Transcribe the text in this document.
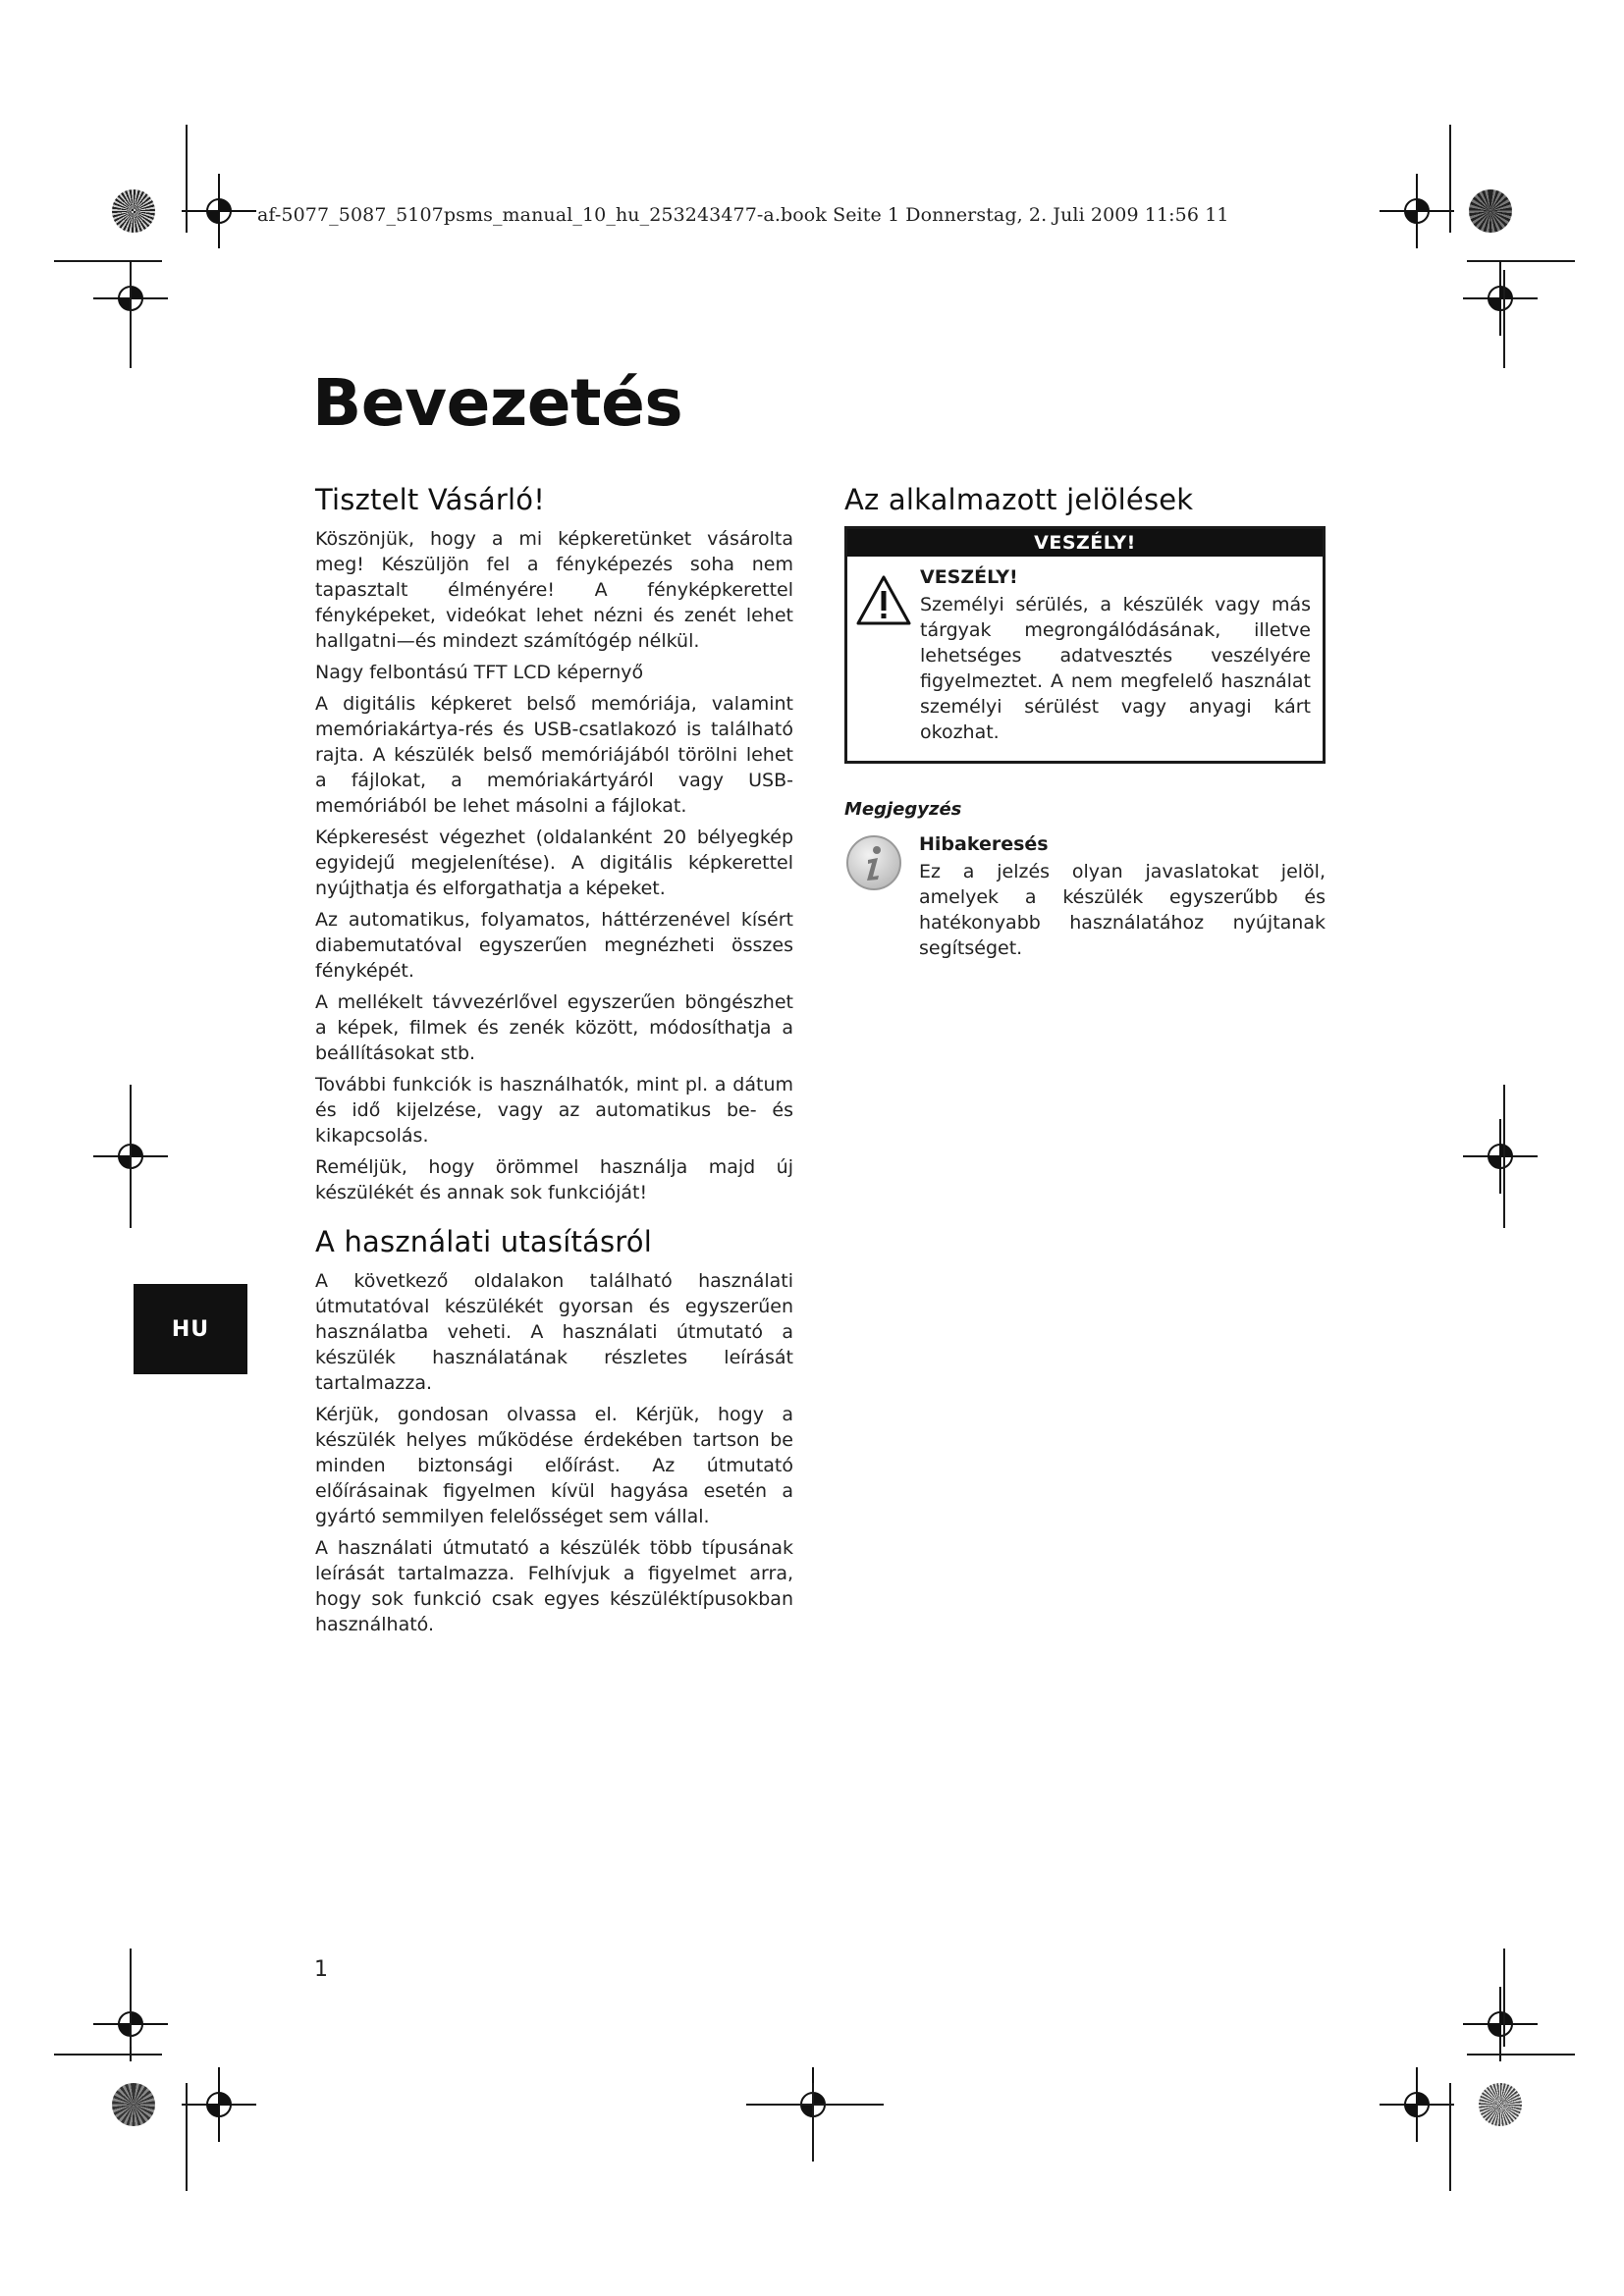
af-5077_5087_5107psms_manual_10_hu_253243477-a.book Seite 1 Donnerstag, 2. Juli 2009 11:56 11
Bevezetés
Tisztelt Vásárló!

Köszönjük, hogy a mi képkeretünket vásárolta meg! Készüljön fel a fényképezés soha nem tapasztalt élményére! A fényképkerettel fényképeket, videókat lehet nézni és zenét lehet hallgatni—és mindezt számítógép nélkül.

Nagy felbontású TFT LCD képernyő

A digitális képkeret belső memóriája, valamint memóriakártya-rés és USB-csatlakozó is található rajta. A készülék belső memóriájából törölni lehet a fájlokat, a memóriakártyáról vagy USB-memóriából be lehet másolni a fájlokat.

Képkeresést végezhet (oldalanként 20 bélyegkép egyidejű megjelenítése). A digitális képkerettel nyújthatja és elforgathatja a képeket.

Az automatikus, folyamatos, háttérzenével kísért diabemutatóval egyszerűen megnézheti összes fényképét.

A mellékelt távvezérlővel egyszerűen böngészhet a képek, filmek és zenék között, módosíthatja a beállításokat stb.

További funkciók is használhatók, mint pl. a dátum és idő kijelzése, vagy az automatikus be- és kikapcsolás.

Reméljük, hogy örömmel használja majd új készülékét és annak sok funkcióját!

A használati utasításról

A következő oldalakon található használati útmutatóval készülékét gyorsan és egyszerűen használatba veheti. A használati útmutató a készülék használatának részletes leírását tartalmazza.

Kérjük, gondosan olvassa el. Kérjük, hogy a készülék helyes működése érdekében tartson be minden biztonsági előírást. Az útmutató előírásainak figyelmen kívül hagyása esetén a gyártó semmilyen felelősséget sem vállal.

A használati útmutató a készülék több típusának leírását tartalmazza. Felhívjuk a figyelmet arra, hogy sok funkció csak egyes készüléktípusokban használható.

Az alkalmazott jelölések
VESZÉLY!
VESZÉLY!

Személyi sérülés, a készülék vagy más tárgyak megrongálódásának, illetve lehetséges adatvesztés veszélyére figyelmeztet. A nem megfelelő használat személyi sérülést vagy anyagi kárt okozhat.

Megjegyzés
Hibakeresés

Ez a jelzés olyan javaslatokat jelöl, amelyek a készülék egyszerűbb és hatékonyabb használatához nyújtanak segítséget.

HU
1
